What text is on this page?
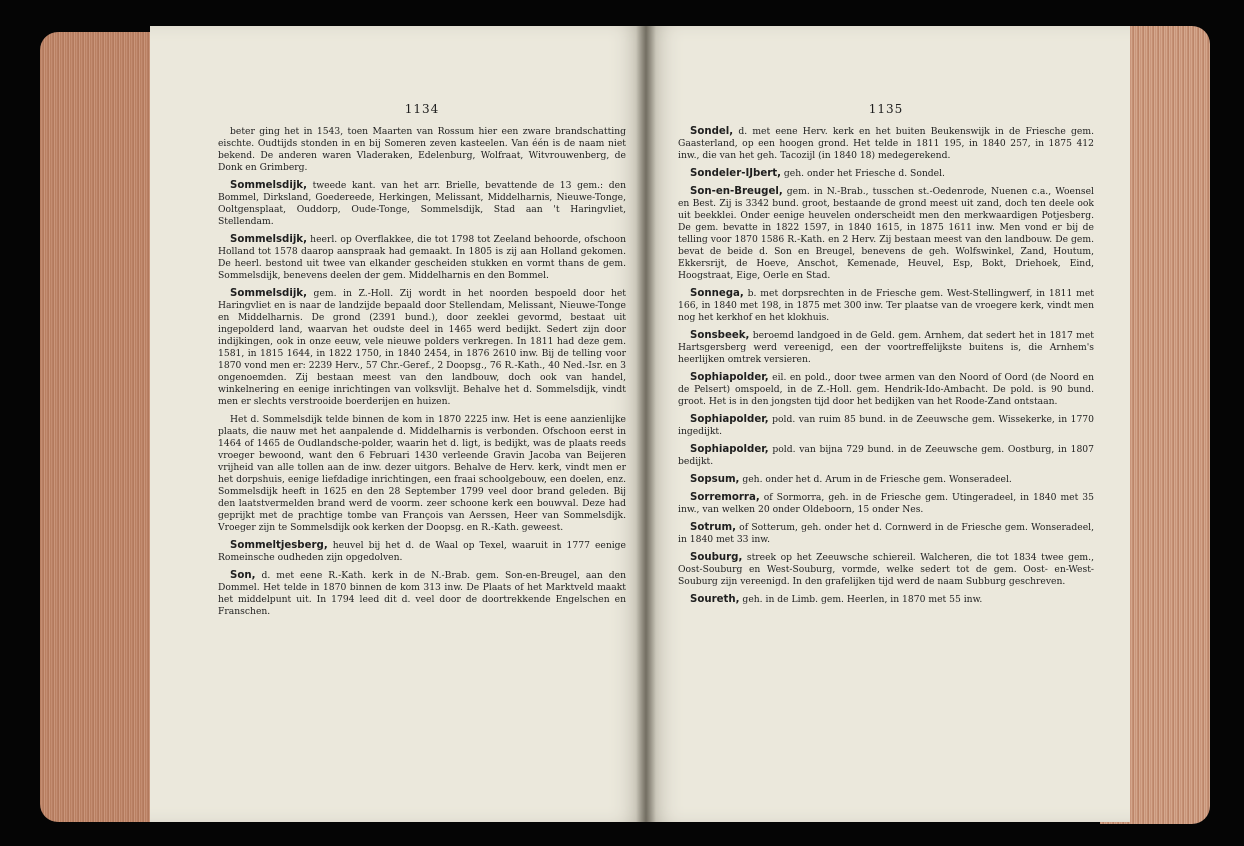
1134

beter ging het in 1543, toen Maarten van Rossum hier een zware brandschatting eischte. Oudtijds stonden in en bij Someren zeven kasteelen. Van één is de naam niet bekend. De anderen waren Vladeraken, Edelenburg, Wolfraat, Witvrouwenberg, de Donk en Grimberg.

Sommelsdijk, tweede kant. van het arr. Brielle, bevattende de 13 gem.: den Bommel, Dirksland, Goedereede, Herkingen, Melissant, Middelharnis, Nieuwe-Tonge, Ooltgensplaat, Ouddorp, Oude-Tonge, Sommelsdijk, Stad aan 't Haringvliet, Stellendam.

Sommelsdijk, heerl. op Overflakkee, die tot 1798 tot Zeeland behoorde, ofschoon Holland tot 1578 daarop aanspraak had gemaakt. In 1805 is zij aan Holland gekomen. De heerl. bestond uit twee van elkander gescheiden stukken en vormt thans de gem. Sommelsdijk, benevens deelen der gem. Middelharnis en den Bommel.

Sommelsdijk, gem. in Z.-Holl. Zij wordt in het noorden bespoeld door het Haringvliet en is naar de landzijde bepaald door Stellendam, Melissant, Nieuwe-Tonge en Middelharnis. De grond (2391 bund.), door zeeklei gevormd, bestaat uit ingepolderd land, waarvan het oudste deel in 1465 werd bedijkt. Sedert zijn door indijkingen, ook in onze eeuw, vele nieuwe polders verkregen. In 1811 had deze gem. 1581, in 1815 1644, in 1822 1750, in 1840 2454, in 1876 2610 inw. Bij de telling voor 1870 vond men er: 2239 Herv., 57 Chr.-Geref., 2 Doopsg., 76 R.-Kath., 40 Ned.-Isr. en 3 ongenoemden. Zij bestaan meest van den landbouw, doch ook van handel, winkelnering en eenige inrichtingen van volksvlijt. Behalve het d. Sommelsdijk, vindt men er slechts verstrooide boerderijen en huizen.

Het d. Sommelsdijk telde binnen de kom in 1870 2225 inw. Het is eene aanzienlijke plaats, die nauw met het aanpalende d. Middelharnis is verbonden. Ofschoon eerst in 1464 of 1465 de Oudlandsche-polder, waarin het d. ligt, is bedijkt, was de plaats reeds vroeger bewoond, want den 6 Februari 1430 verleende Gravin Jacoba van Beijeren vrijheid van alle tollen aan de inw. dezer uitgors. Behalve de Herv. kerk, vindt men er het dorpshuis, eenige liefdadige inrichtingen, een fraai schoolgebouw, een doelen, enz. Sommelsdijk heeft in 1625 en den 28 September 1799 veel door brand geleden. Bij den laatstvermelden brand werd de voorm. zeer schoone kerk een bouwval. Deze had geprijkt met de prachtige tombe van François van Aerssen, Heer van Sommelsdijk. Vroeger zijn te Sommelsdijk ook kerken der Doopsg. en R.-Kath. geweest.

Sommeltjesberg, heuvel bij het d. de Waal op Texel, waaruit in 1777 eenige Romeinsche oudheden zijn opgedolven.

Son, d. met eene R.-Kath. kerk in de N.-Brab. gem. Son-en-Breugel, aan den Dommel. Het telde in 1870 binnen de kom 313 inw. De Plaats of het Marktveld maakt het middelpunt uit. In 1794 leed dit d. veel door de doortrekkende Engelschen en Franschen.

1135

Sondel, d. met eene Herv. kerk en het buiten Beukenswijk in de Friesche gem. Gaasterland, op een hoogen grond. Het telde in 1811 195, in 1840 257, in 1875 412 inw., die van het geh. Tacozijl (in 1840 18) medegerekend.

Sondeler-IJbert, geh. onder het Friesche d. Sondel.

Son-en-Breugel, gem. in N.-Brab., tusschen st.-Oedenrode, Nuenen c.a., Woensel en Best. Zij is 3342 bund. groot, bestaande de grond meest uit zand, doch ten deele ook uit beekklei. Onder eenige heuvelen onderscheidt men den merkwaardigen Potjesberg. De gem. bevatte in 1822 1597, in 1840 1615, in 1875 1611 inw. Men vond er bij de telling voor 1870 1586 R.-Kath. en 2 Herv. Zij bestaan meest van den landbouw. De gem. bevat de beide d. Son en Breugel, benevens de geh. Wolfswinkel, Zand, Houtum, Ekkersrijt, de Hoeve, Anschot, Kemenade, Heuvel, Esp, Bokt, Driehoek, Eind, Hoogstraat, Eige, Oerle en Stad.

Sonnega, b. met dorpsrechten in de Friesche gem. West-Stellingwerf, in 1811 met 166, in 1840 met 198, in 1875 met 300 inw. Ter plaatse van de vroegere kerk, vindt men nog het kerkhof en het klokhuis.

Sonsbeek, beroemd landgoed in de Geld. gem. Arnhem, dat sedert het in 1817 met Hartsgersberg werd vereenigd, een der voortreffelijkste buitens is, die Arnhem's heerlijken omtrek versieren.

Sophiapolder, eil. en pold., door twee armen van den Noord of Oord (de Noord en de Pelsert) omspoeld, in de Z.-Holl. gem. Hendrik-Ido-Ambacht. De pold. is 90 bund. groot. Het is in den jongsten tijd door het bedijken van het Roode-Zand ontstaan.

Sophiapolder, pold. van ruim 85 bund. in de Zeeuwsche gem. Wissekerke, in 1770 ingedijkt.

Sophiapolder, pold. van bijna 729 bund. in de Zeeuwsche gem. Oostburg, in 1807 bedijkt.

Sopsum, geh. onder het d. Arum in de Friesche gem. Wonseradeel.

Sorremorra, of Sormorra, geh. in de Friesche gem. Utingeradeel, in 1840 met 35 inw., van welken 20 onder Oldeboorn, 15 onder Nes.

Sotrum, of Sotterum, geh. onder het d. Cornwerd in de Friesche gem. Wonseradeel, in 1840 met 33 inw.

Souburg, streek op het Zeeuwsche schiereil. Walcheren, die tot 1834 twee gem., Oost-Souburg en West-Souburg, vormde, welke sedert tot de gem. Oost- en-West-Souburg zijn vereenigd. In den grafelijken tijd werd de naam Subburg geschreven.

Soureth, geh. in de Limb. gem. Heerlen, in 1870 met 55 inw.
